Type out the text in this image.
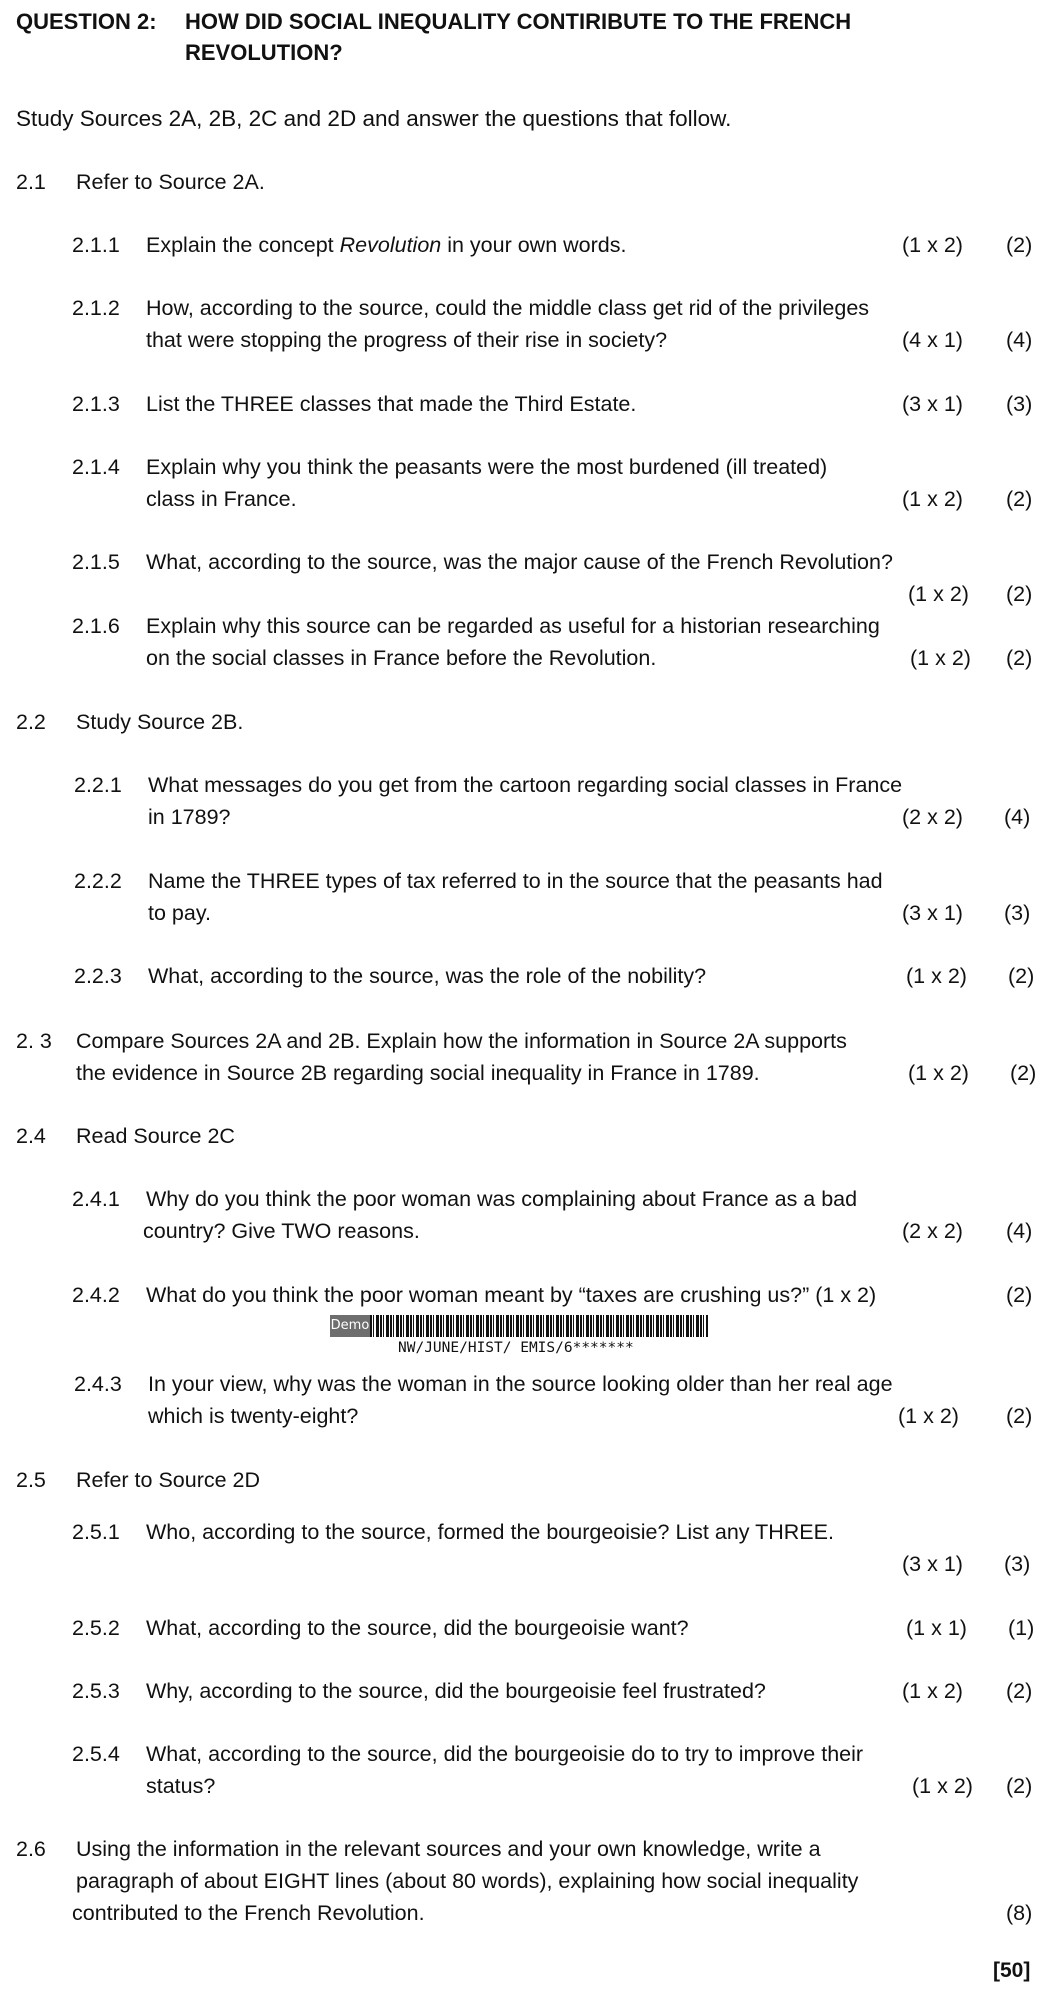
QUESTION 2: HOW DID SOCIAL INEQUALITY CONTIRIBUTE TO THE FRENCH
REVOLUTION?
Study Sources 2A, 2B, 2C and 2D and answer the questions that follow.
2.1 Refer to Source 2A.
2.1.1 Explain the concept Revolution in your own words.	(1 x 2) (2)
2.1.2 How, according to the source, could the middle class get rid of the privileges
that were stopping the progress of their rise in society?	(4 x 1) (4)
2.1.3 List the THREE classes that made the Third Estate.	(3 x 1) (3)
2.1.4 Explain why you think the peasants were the most burdened (ill treated)
class in France.	(1 x 2) (2)
2.1.5 What, according to the source, was the major cause of the French Revolution?
(1 x 2) (2)
2.1.6 Explain why this source can be regarded as useful for a historian researching
on the social classes in France before the Revolution.	(1 x 2) (2)
2.2 Study Source 2B.
2.2.1 What messages do you get from the cartoon regarding social classes in France
in 1789?	(2 x 2) (4)
2.2.2 Name the THREE types of tax referred to in the source that the peasants had
to pay.	(3 x 1) (3)
2.2.3 What, according to the source, was the role of the nobility?	(1 x 2) (2)
2. 3 Compare Sources 2A and 2B. Explain how the information in Source 2A supports
the evidence in Source 2B regarding social inequality in France in 1789.	(1 x 2) (2)
2.4 Read Source 2C
2.4.1 Why do you think the poor woman was complaining about France as a bad
country? Give TWO reasons.	(2 x 2) (4)
2.4.2 What do you think the poor woman meant by “taxes are crushing us?” (1 x 2)	(2)
Demo
NW/JUNE/HIST/ EMIS/6*******
2.4.3 In your view, why was the woman in the source looking older than her real age
which is twenty-eight?	(1 x 2) (2)
2.5 Refer to Source 2D
2.5.1 Who, according to the source, formed the bourgeoisie? List any THREE.
(3 x 1) (3)
2.5.2 What, according to the source, did the bourgeoisie want?	(1 x 1) (1)
2.5.3 Why, according to the source, did the bourgeoisie feel frustrated?	(1 x 2) (2)
2.5.4 What, according to the source, did the bourgeoisie do to try to improve their
status?	(1 x 2) (2)
2.6 Using the information in the relevant sources and your own knowledge, write a
paragraph of about EIGHT lines (about 80 words), explaining how social inequality
contributed to the French Revolution.	(8)
[50]
